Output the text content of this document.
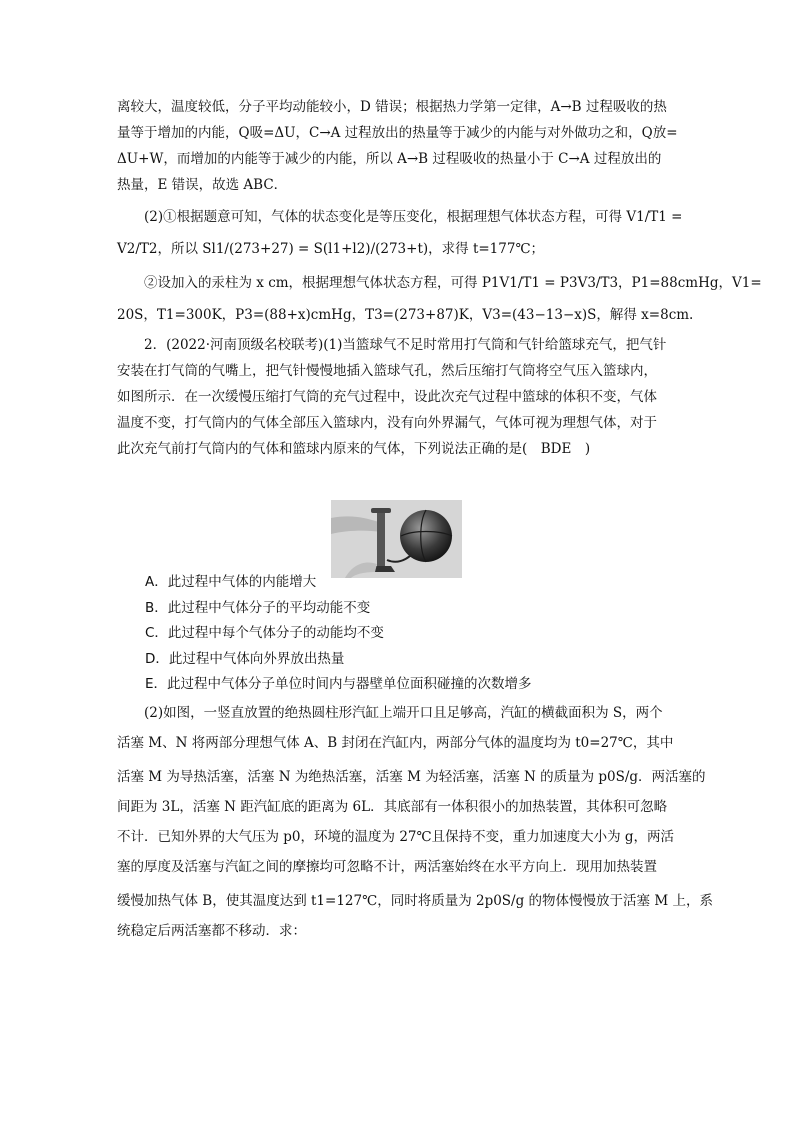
离较大，温度较低，分子平均动能较小，D 错误；根据热力学第一定律，A→B 过程吸收的热

量等于增加的内能，Q吸=ΔU，C→A 过程放出的热量等于减少的内能与对外做功之和，Q放=

ΔU+W，而增加的内能等于减少的内能，所以 A→B 过程吸收的热量小于 C→A 过程放出的

热量，E 错误，故选 ABC．

(2)①根据题意可知，气体的状态变化是等压变化，根据理想气体状态方程，可得 V1/T1 =

V2/T2，所以 Sl1/(273+27) = S(l1+l2)/(273+t)，求得 t=177℃；

②设加入的汞柱为 x cm，根据理想气体状态方程，可得 P1V1/T1 = P3V3/T3，P1=88cmHg，V1=

20S，T1=300K，P3=(88+x)cmHg，T3=(273+87)K，V3=(43−13−x)S，解得 x=8cm.

2．(2022·河南顶级名校联考)(1)当篮球气不足时常用打气筒和气针给篮球充气，把气针

安装在打气筒的气嘴上，把气针慢慢地插入篮球气孔，然后压缩打气筒将空气压入篮球内，

如图所示．在一次缓慢压缩打气筒的充气过程中，设此次充气过程中篮球的体积不变，气体

温度不变，打气筒内的气体全部压入篮球内，没有向外界漏气，气体可视为理想气体，对于

此次充气前打气筒内的气体和篮球内原来的气体，下列说法正确的是(　BDE　)

A．此过程中气体的内能增大

B．此过程中气体分子的平均动能不变

C．此过程中每个气体分子的动能均不变

D．此过程中气体向外界放出热量

E．此过程中气体分子单位时间内与器壁单位面积碰撞的次数增多

(2)如图，一竖直放置的绝热圆柱形汽缸上端开口且足够高，汽缸的横截面积为 S，两个

活塞 M、N 将两部分理想气体 A、B 封闭在汽缸内，两部分气体的温度均为 t0=27℃，其中

活塞 M 为导热活塞，活塞 N 为绝热活塞，活塞 M 为轻活塞，活塞 N 的质量为 p0S/g．两活塞的

间距为 3L，活塞 N 距汽缸底的距离为 6L．其底部有一体积很小的加热装置，其体积可忽略

不计．已知外界的大气压为 p0，环境的温度为 27℃且保持不变，重力加速度大小为 g，两活

塞的厚度及活塞与汽缸之间的摩擦均可忽略不计，两活塞始终在水平方向上．现用加热装置

缓慢加热气体 B，使其温度达到 t1=127℃，同时将质量为 2p0S/g 的物体慢慢放于活塞 M 上，系

统稳定后两活塞都不移动．求：
